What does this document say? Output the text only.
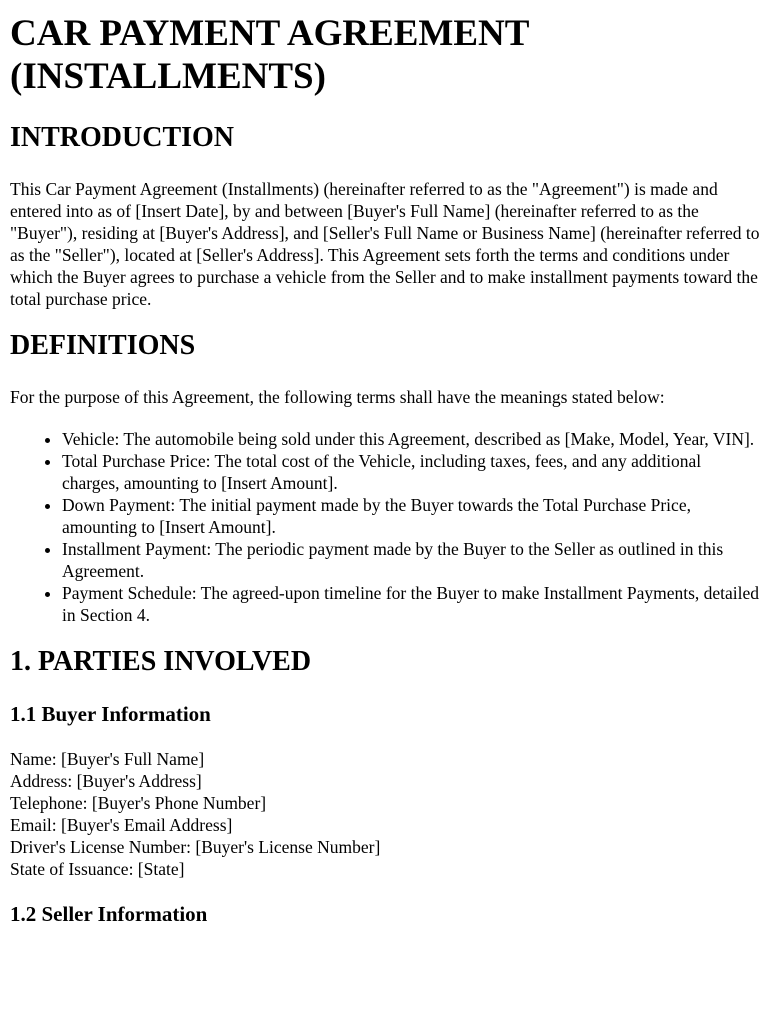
CAR PAYMENT AGREEMENT (INSTALLMENTS)
INTRODUCTION

This Car Payment Agreement (Installments) (hereinafter referred to as the "Agreement") is made and entered into as of [Insert Date], by and between [Buyer's Full Name] (hereinafter referred to as the "Buyer"), residing at [Buyer's Address], and [Seller's Full Name or Business Name] (hereinafter referred to as the "Seller"), located at [Seller's Address]. This Agreement sets forth the terms and conditions under which the Buyer agrees to purchase a vehicle from the Seller and to make installment payments toward the total purchase price.

DEFINITIONS

For the purpose of this Agreement, the following terms shall have the meanings stated below:

• Vehicle: The automobile being sold under this Agreement, described as [Make, Model, Year, VIN].
• Total Purchase Price: The total cost of the Vehicle, including taxes, fees, and any additional charges, amounting to [Insert Amount].
• Down Payment: The initial payment made by the Buyer towards the Total Purchase Price, amounting to [Insert Amount].
• Installment Payment: The periodic payment made by the Buyer to the Seller as outlined in this Agreement.
• Payment Schedule: The agreed-upon timeline for the Buyer to make Installment Payments, detailed in Section 4.
1. PARTIES INVOLVED
1.1 Buyer Information
Name: [Buyer's Full Name]
Address: [Buyer's Address]
Telephone: [Buyer's Phone Number]
Email: [Buyer's Email Address]
Driver's License Number: [Buyer's License Number]
State of Issuance: [State]
1.2 Seller Information
